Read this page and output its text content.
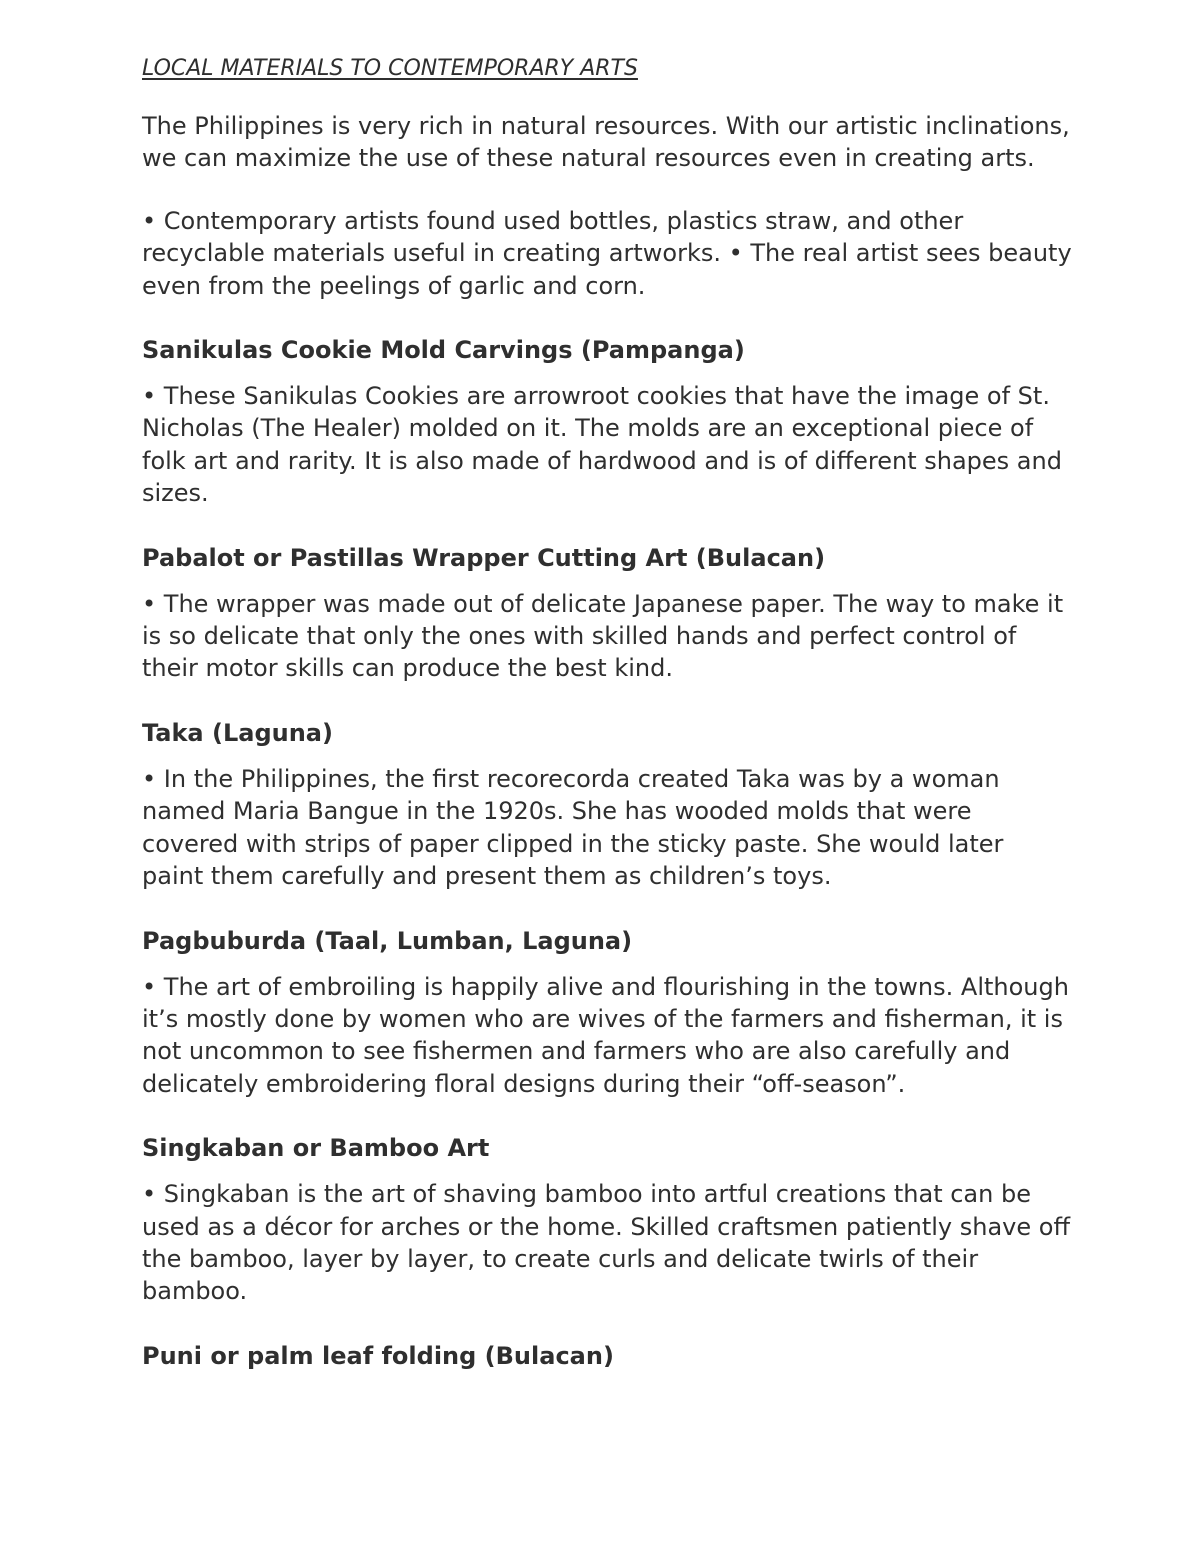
LOCAL MATERIALS TO CONTEMPORARY ARTS

The Philippines is very rich in natural resources. With our artistic inclinations, we can maximize the use of these natural resources even in creating arts.

• Contemporary artists found used bottles, plastics straw, and other recyclable materials useful in creating artworks. • The real artist sees beauty even from the peelings of garlic and corn.

Sanikulas Cookie Mold Carvings (Pampanga)

• These Sanikulas Cookies are arrowroot cookies that have the image of St. Nicholas (The Healer) molded on it. The molds are an exceptional piece of folk art and rarity. It is also made of hardwood and is of different shapes and sizes.

Pabalot or Pastillas Wrapper Cutting Art (Bulacan)

• The wrapper was made out of delicate Japanese paper. The way to make it is so delicate that only the ones with skilled hands and perfect control of their motor skills can produce the best kind.

Taka (Laguna)

• In the Philippines, the first recorecorda created Taka was by a woman named Maria Bangue in the 1920s. She has wooded molds that were covered with strips of paper clipped in the sticky paste. She would later paint them carefully and present them as children’s toys.

Pagbuburda (Taal, Lumban, Laguna)

• The art of embroiling is happily alive and flourishing in the towns. Although it’s mostly done by women who are wives of the farmers and fisherman, it is not uncommon to see fishermen and farmers who are also carefully and delicately embroidering floral designs during their “off-season”.

Singkaban or Bamboo Art

• Singkaban is the art of shaving bamboo into artful creations that can be used as a décor for arches or the home. Skilled craftsmen patiently shave off the bamboo, layer by layer, to create curls and delicate twirls of their bamboo.

Puni or palm leaf folding (Bulacan)
